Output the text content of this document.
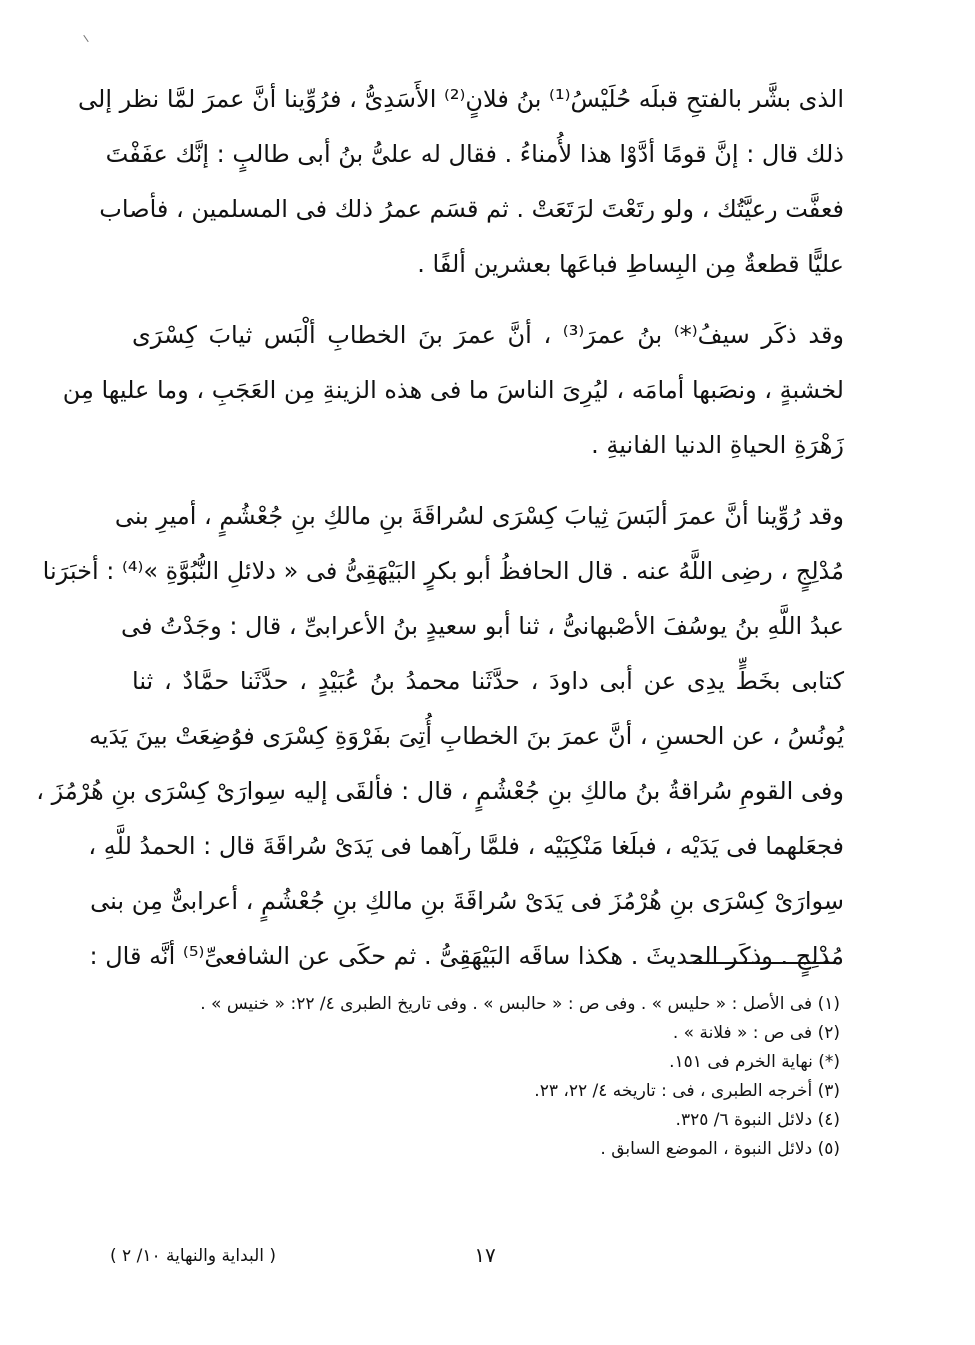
الذى بشَّر بالفتحِ قبلَه حُلَيْسُ⁽¹⁾ بنُ فلانٍ⁽²⁾ الأَسَدِىُّ ، فرُوِّينا أنَّ عمرَ لمَّا نظر إلى
ذلك قال : إنَّ قومًا أدَّوْا هذا لأُمناءُ . فقال له علىُّ بنُ أبى طالبٍ : إنَّك عفَفْتَ
فعفَّت رعيَّتُك ، ولو رتَعْتَ لرَتَعَتْ . ثم قسَم عمرُ ذلك فى المسلمين ، فأصاب
عليًّا قطعةٌ مِن البِساطِ فباعَها بعشرين ألفًا .
وقد ذكَر سيفُ⁽*⁾ بنُ عمرَ⁽³⁾ ، أنَّ عمرَ بنَ الخطابِ ألْبَس ثيابَ كِسْرَى
لخشبةٍ ، ونصَبها أمامَه ، ليُرِىَ الناسَ ما فى هذه الزينةِ مِن العَجَبِ ، وما عليها مِن
زَهْرَةِ الحياةِ الدنيا الفانيةِ .
وقد رُوِّينا أنَّ عمرَ ألبَسَ ثِيابَ كِسْرَى لسُراقَةَ بنِ مالكِ بنِ جُعْشُمٍ ، أميرِ بنى
مُدْلِجٍ ، رضِى اللَّهُ عنه . قال الحافظُ أبو بكرٍ البَيْهَقِىُّ فى « دلائلِ النُّبُوَّةِ »⁽⁴⁾ : أخبَرَنا
عبدُ اللَّهِ بنُ يوسُفَ الأصْبهانىُّ ، ثنا أبو سعيدٍ بنُ الأعرابىِّ ، قال : وجَدْتُ فى
كتابى بخَطٍّ يدِى عن أبى داودَ ، حدَّثَنا محمدُ بنُ عُبَيْدٍ ، حدَّثَنا حمَّادٌ ، ثنا
يُونُسُ ، عن الحسنِ ، أنَّ عمرَ بنَ الخطابِ أُتِىَ بفَرْوَةِ كِسْرَى فوُضِعَتْ بينَ يَدَيه
وفى القومِ سُراقةُ بنُ مالكِ بنِ جُعْشُمٍ ، قال : فألقَى إليه سِوارَىْ كِسْرَى بنِ هُرْمُزَ ،
فجعَلهما فى يَدَيْه ، فبلَغا مَنْكِبَيْه ، فلمَّا رآهما فى يَدَىْ سُراقَةَ قال : الحمدُ للَّهِ ،
سِوارَىْ كِسْرَى بنِ هُرْمُزَ فى يَدَىْ سُراقَةَ بنِ مالكِ بنِ جُعْشُمٍ ، أعرابىٌّ مِن بنى
مُدْلِجٍ . وذكَر الحديثَ . هكذا ساقَه البَيْهَقِىُّ . ثم حكَى عن الشافعىِّ⁽⁵⁾ أنَّه قال :
(١) فى الأصل : « حليس » . وفى ص : « حالبس » . وفى تاريخ الطبرى ٤/ ٢٢: « خنيس » .
(٢) فى ص : « فلانة » .
(*) نهاية الخرم فى ١٥١.
(٣) أخرجه الطبرى ، فى : تاريخه ٤/ ٢٢، ٢٣.
(٤) دلائل النبوة ٦/ ٣٢٥.
(٥) دلائل النبوة ، الموضع السابق .
١٧
( البداية والنهاية ١٠/ ٢ )
